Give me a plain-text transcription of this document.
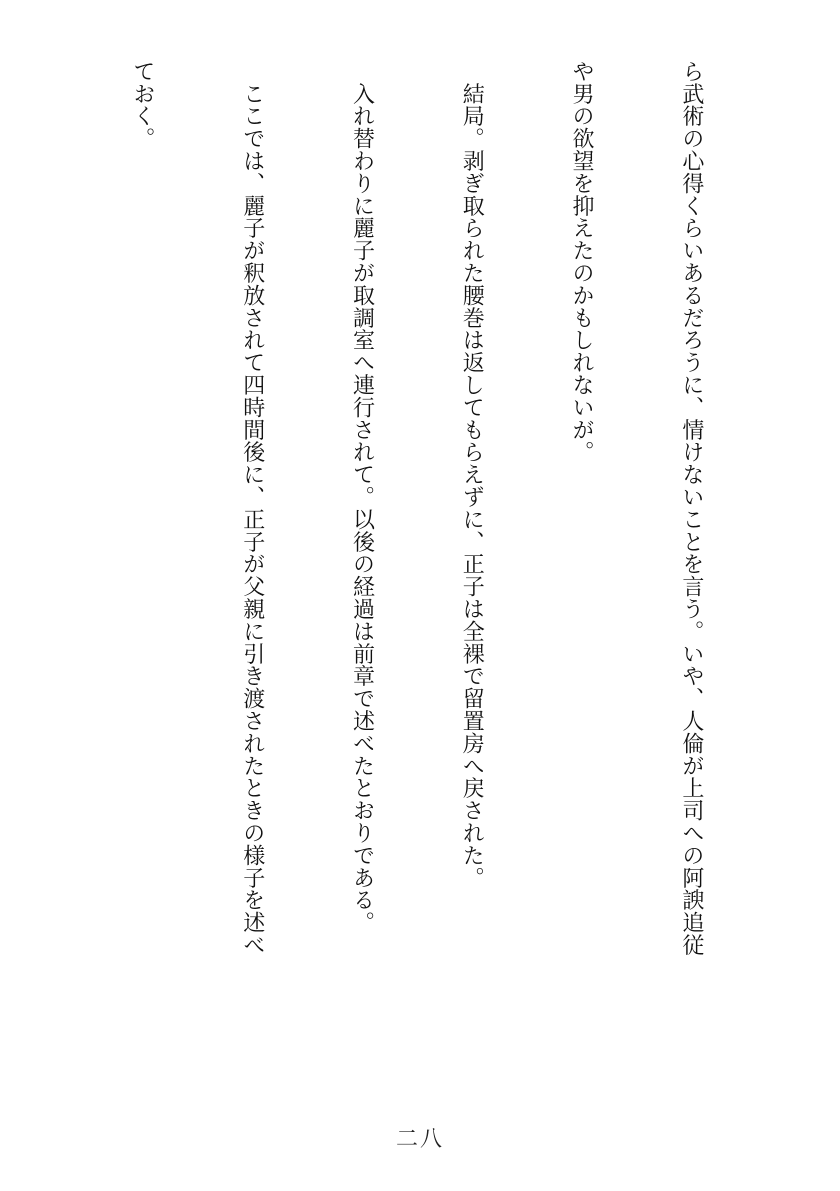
ら武術の心得くらいあるだろうに、情けないことを言う。いや、人倫が上司への阿諛追従

や男の欲望を抑えたのかもしれないが。

　結局。剥ぎ取られた腰巻は返してもらえずに、正子は全裸で留置房へ戻された。

　入れ替わりに麗子が取調室へ連行されて。以後の経過は前章で述べたとおりである。

　ここでは、麗子が釈放されて四時間後に、正子が父親に引き渡されたときの様子を述べ

ておく。

二八
